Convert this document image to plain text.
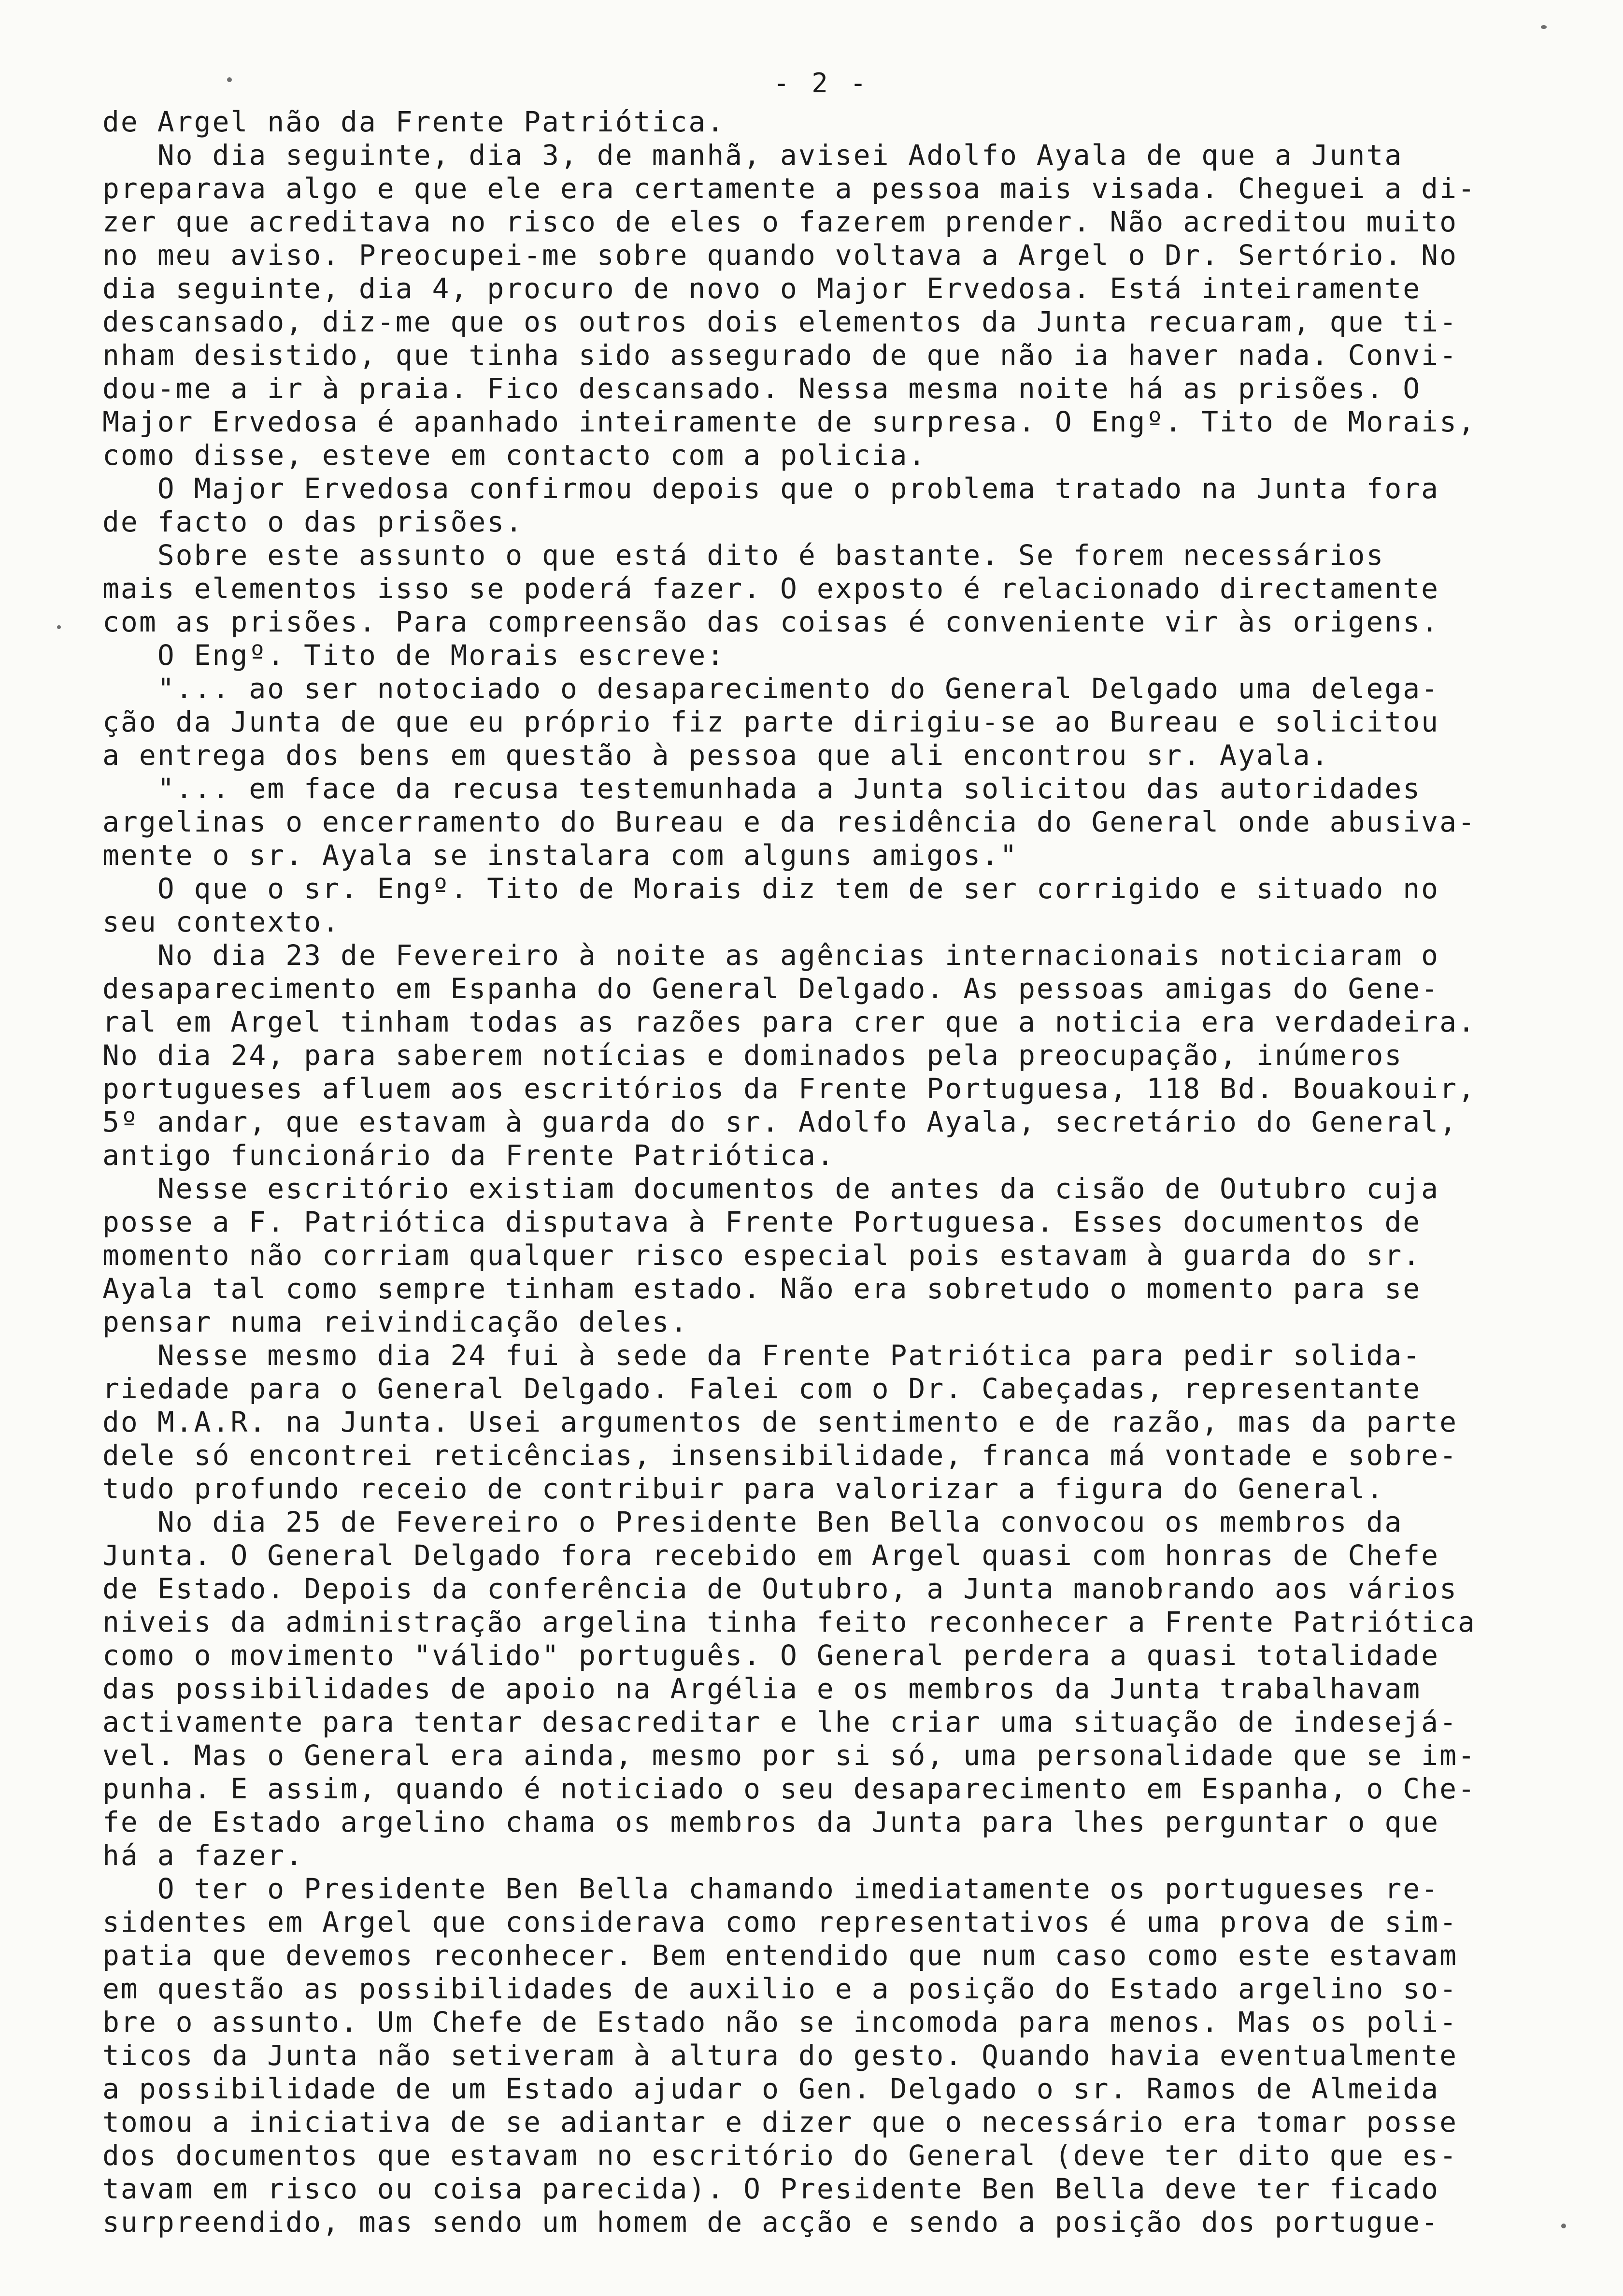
- 2 -
de Argel não da Frente Patriótica.
No dia seguinte, dia 3, de manhã, avisei Adolfo Ayala de que a Junta
preparava algo e que ele era certamente a pessoa mais visada. Cheguei a di-
zer que acreditava no risco de eles o fazerem prender. Não acreditou muito
no meu aviso. Preocupei-me sobre quando voltava a Argel o Dr. Sertório. No
dia seguinte, dia 4, procuro de novo o Major Ervedosa. Está inteiramente
descansado, diz-me que os outros dois elementos da Junta recuaram, que ti-
nham desistido, que tinha sido assegurado de que não ia haver nada. Convi-
dou-me a ir à praia. Fico descansado. Nessa mesma noite há as prisões. O
Major Ervedosa é apanhado inteiramente de surpresa. O Engº. Tito de Morais,
como disse, esteve em contacto com a policia.
O Major Ervedosa confirmou depois que o problema tratado na Junta fora
de facto o das prisões.
Sobre este assunto o que está dito é bastante. Se forem necessários
mais elementos isso se poderá fazer. O exposto é relacionado directamente
com as prisões. Para compreensão das coisas é conveniente vir às origens.
O Engº. Tito de Morais escreve:
"... ao ser notociado o desaparecimento do General Delgado uma delega-
ção da Junta de que eu próprio fiz parte dirigiu-se ao Bureau e solicitou
a entrega dos bens em questão à pessoa que ali encontrou sr. Ayala.
"... em face da recusa testemunhada a Junta solicitou das autoridades
argelinas o encerramento do Bureau e da residência do General onde abusiva-
mente o sr. Ayala se instalara com alguns amigos."
O que o sr. Engº. Tito de Morais diz tem de ser corrigido e situado no
seu contexto.
No dia 23 de Fevereiro à noite as agências internacionais noticiaram o
desaparecimento em Espanha do General Delgado. As pessoas amigas do Gene-
ral em Argel tinham todas as razões para crer que a noticia era verdadeira.
No dia 24, para saberem notícias e dominados pela preocupação, inúmeros
portugueses afluem aos escritórios da Frente Portuguesa, 118 Bd. Bouakouir,
5º andar, que estavam à guarda do sr. Adolfo Ayala, secretário do General,
antigo funcionário da Frente Patriótica.
Nesse escritório existiam documentos de antes da cisão de Outubro cuja
posse a F. Patriótica disputava à Frente Portuguesa. Esses documentos de
momento não corriam qualquer risco especial pois estavam à guarda do sr.
Ayala tal como sempre tinham estado. Não era sobretudo o momento para se
pensar numa reivindicação deles.
Nesse mesmo dia 24 fui à sede da Frente Patriótica para pedir solida-
riedade para o General Delgado. Falei com o Dr. Cabeçadas, representante
do M.A.R. na Junta. Usei argumentos de sentimento e de razão, mas da parte
dele só encontrei reticências, insensibilidade, franca má vontade e sobre-
tudo profundo receio de contribuir para valorizar a figura do General.
No dia 25 de Fevereiro o Presidente Ben Bella convocou os membros da
Junta. O General Delgado fora recebido em Argel quasi com honras de Chefe
de Estado. Depois da conferência de Outubro, a Junta manobrando aos vários
niveis da administração argelina tinha feito reconhecer a Frente Patriótica
como o movimento "válido" português. O General perdera a quasi totalidade
das possibilidades de apoio na Argélia e os membros da Junta trabalhavam
activamente para tentar desacreditar e lhe criar uma situação de indesejá-
vel. Mas o General era ainda, mesmo por si só, uma personalidade que se im-
punha. E assim, quando é noticiado o seu desaparecimento em Espanha, o Che-
fe de Estado argelino chama os membros da Junta para lhes perguntar o que
há a fazer.
O ter o Presidente Ben Bella chamando imediatamente os portugueses re-
sidentes em Argel que considerava como representativos é uma prova de sim-
patia que devemos reconhecer. Bem entendido que num caso como este estavam
em questão as possibilidades de auxilio e a posição do Estado argelino so-
bre o assunto. Um Chefe de Estado não se incomoda para menos. Mas os poli-
ticos da Junta não setiveram à altura do gesto. Quando havia eventualmente
a possibilidade de um Estado ajudar o Gen. Delgado o sr. Ramos de Almeida
tomou a iniciativa de se adiantar e dizer que o necessário era tomar posse
dos documentos que estavam no escritório do General (deve ter dito que es-
tavam em risco ou coisa parecida). O Presidente Ben Bella deve ter ficado
surpreendido, mas sendo um homem de acção e sendo a posição dos portugue-
